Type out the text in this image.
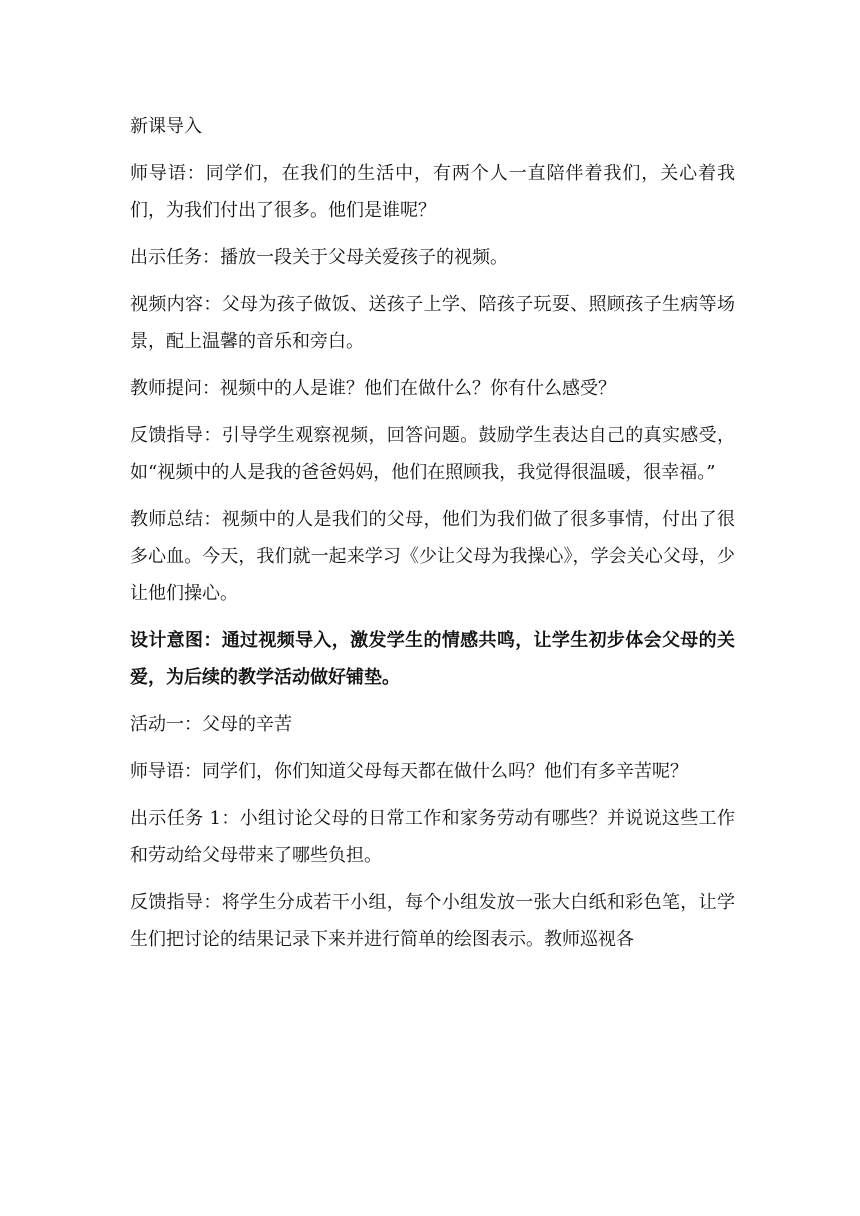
新课导入

师导语：同学们，在我们的生活中，有两个人一直陪伴着我们，关心着我们，为我们付出了很多。他们是谁呢？

出示任务：播放一段关于父母关爱孩子的视频。

视频内容：父母为孩子做饭、送孩子上学、陪孩子玩耍、照顾孩子生病等场景，配上温馨的音乐和旁白。

教师提问：视频中的人是谁？他们在做什么？你有什么感受？

反馈指导：引导学生观察视频，回答问题。鼓励学生表达自己的真实感受，如“视频中的人是我的爸爸妈妈，他们在照顾我，我觉得很温暖，很幸福。”

教师总结：视频中的人是我们的父母，他们为我们做了很多事情，付出了很多心血。今天，我们就一起来学习《少让父母为我操心》，学会关心父母，少让他们操心。

设计意图：通过视频导入，激发学生的情感共鸣，让学生初步体会父母的关爱，为后续的教学活动做好铺垫。

活动一：父母的辛苦

师导语：同学们，你们知道父母每天都在做什么吗？他们有多辛苦呢？

出示任务 1：小组讨论父母的日常工作和家务劳动有哪些？并说说这些工作和劳动给父母带来了哪些负担。

反馈指导：将学生分成若干小组，每个小组发放一张大白纸和彩色笔，让学生们把讨论的结果记录下来并进行简单的绘图表示。教师巡视各
